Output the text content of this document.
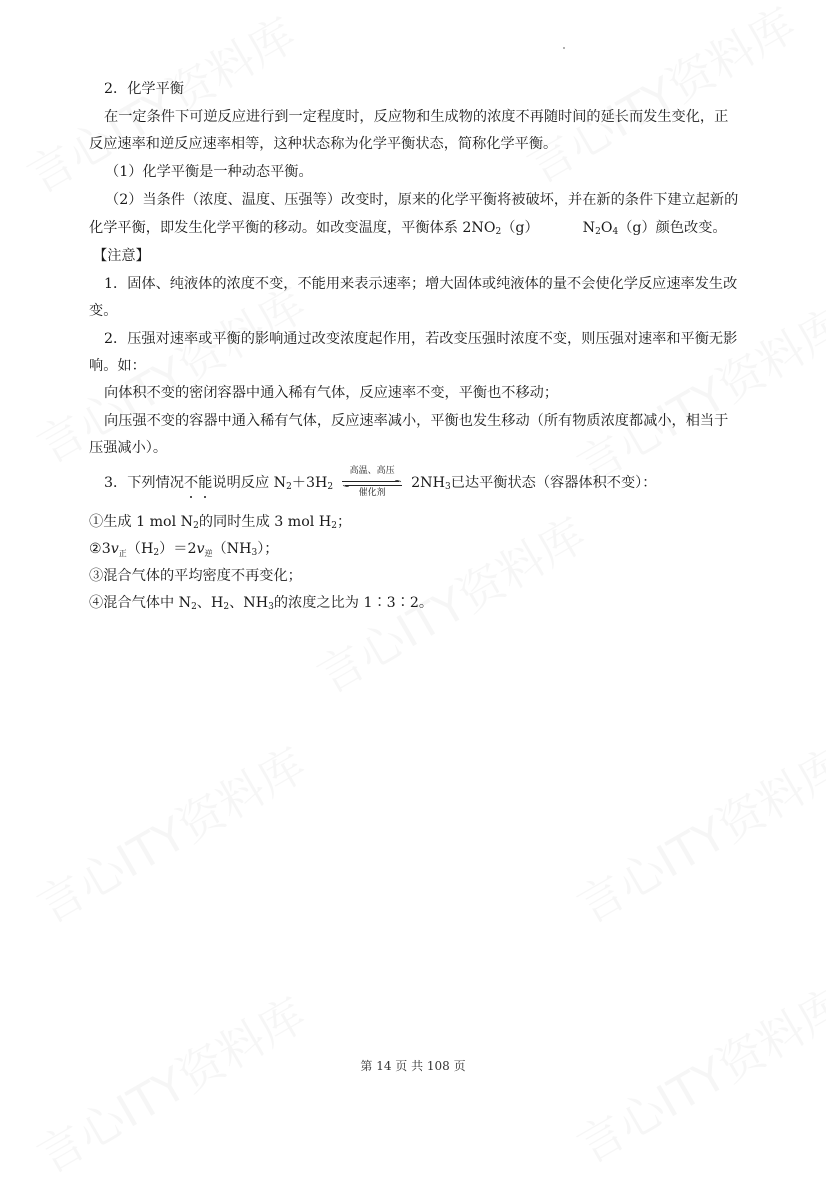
2．化学平衡
在一定条件下可逆反应进行到一定程度时，反应物和生成物的浓度不再随时间的延长而发生变化，正
反应速率和逆反应速率相等，这种状态称为化学平衡状态，简称化学平衡。
（1）化学平衡是一种动态平衡。
（2）当条件（浓度、温度、压强等）改变时，原来的化学平衡将被破坏，并在新的条件下建立起新的
化学平衡，即发生化学平衡的移动。如改变温度，平衡体系 $2NO_2(g)$	$N_2O_4(g)$颜色改变。
【注意】
1．固体、纯液体的浓度不变，不能用来表示速率；增大固体或纯液体的量不会使化学反应速率发生改
变。
2．压强对速率或平衡的影响通过改变浓度起作用，若改变压强时浓度不变，则压强对速率和平衡无影
响。如：
向体积不变的密闭容器中通入稀有气体，反应速率不变，平衡也不移动；
向压强不变的容器中通入稀有气体，反应速率减小，平衡也发生移动（所有物质浓度都减小，相当于
压强减小）。
3．下列情况不能说明反应 $N_2+3H_2$
高温、高压
催化剂
$2NH_3$已达平衡状态（容器体积不变）：
①生成 1 mol $N_2$的同时生成 3 mol $H_2$；
$②3v_正(H_2)=2v_逆(NH_3)$；
③混合气体的平均密度不再变化；
④混合气体中 $N_2$、$H_2$、$NH_3$的浓度之比为 1∶3∶2。
第 14 页 共 108 页
